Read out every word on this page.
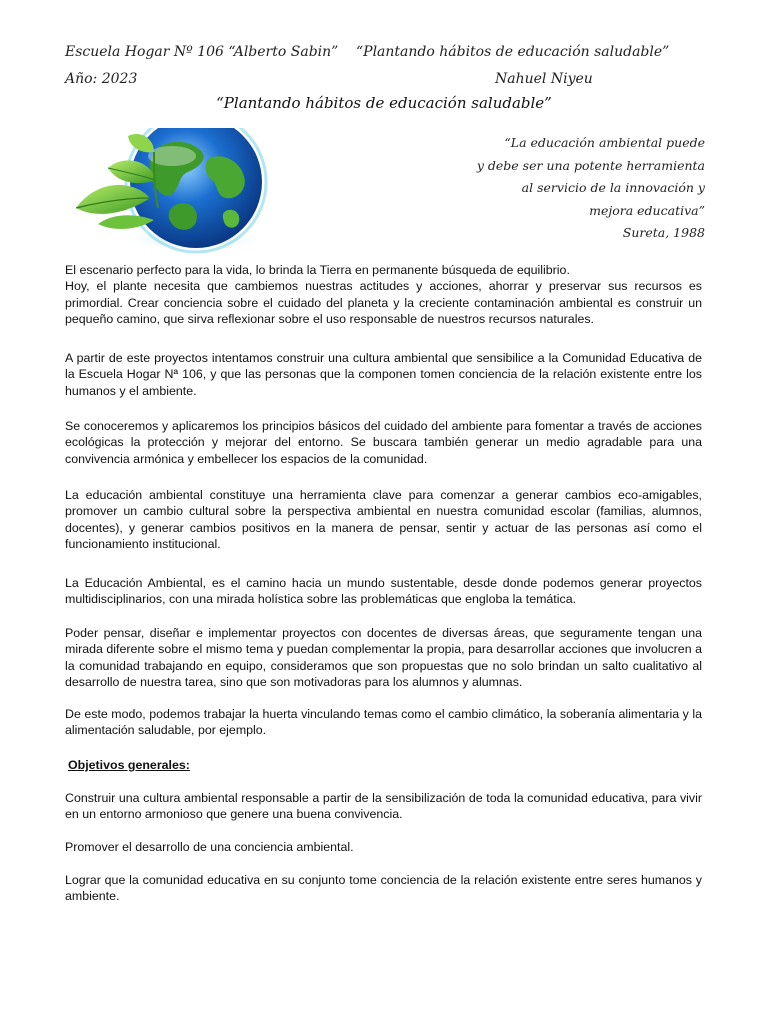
Escuela Hogar Nº 106 “Alberto Sabin” “Plantando hábitos de educación saludable”
Año: 2023	Nahuel Niyeu
“Plantando hábitos de educación saludable”
“La educación ambiental puede
y debe ser una potente herramienta
al servicio de la innovación y
mejora educativa”
Sureta, 1988

El escenario perfecto para la vida, lo brinda la Tierra en permanente búsqueda de equilibrio.

Hoy, el plante necesita que cambiemos nuestras actitudes y acciones, ahorrar y preservar sus recursos es primordial. Crear conciencia sobre el cuidado del planeta y la creciente contaminación ambiental es construir un pequeño camino, que sirva reflexionar sobre el uso responsable de nuestros recursos naturales.

A partir de este proyectos intentamos construir una cultura ambiental que sensibilice a la Comunidad Educativa de la Escuela Hogar Nª 106, y que las personas que la componen tomen conciencia de la relación existente entre los humanos y el ambiente.
Se conoceremos y aplicaremos los principios básicos del cuidado del ambiente para fomentar a través de acciones ecológicas la protección y mejorar del entorno. Se buscara también generar un medio agradable para una convivencia armónica y embellecer los espacios de la comunidad.
La educación ambiental constituye una herramienta clave para comenzar a generar cambios eco-amigables, promover un cambio cultural sobre la perspectiva ambiental en nuestra comunidad escolar (familias, alumnos, docentes), y generar cambios positivos en la manera de pensar, sentir y actuar de las personas así como el funcionamiento institucional.
La Educación Ambiental, es el camino hacia un mundo sustentable, desde donde podemos generar proyectos multidisciplinarios, con una mirada holística sobre las problemáticas que engloba la temática.
Poder pensar, diseñar e implementar proyectos con docentes de diversas áreas, que seguramente tengan una mirada diferente sobre el mismo tema y puedan complementar la propia, para desarrollar acciones que involucren a la comunidad trabajando en equipo, consideramos que son propuestas que no solo brindan un salto cualitativo al desarrollo de nuestra tarea, sino que son motivadoras para los alumnos y alumnas.
De este modo, podemos trabajar la huerta vinculando temas como el cambio climático, la soberanía alimentaria y la alimentación saludable, por ejemplo.
Objetivos generales:
Construir una cultura ambiental responsable a partir de la sensibilización de toda la comunidad educativa, para vivir en un entorno armonioso que genere una buena convivencia.
Promover el desarrollo de una conciencia ambiental.
Lograr que la comunidad educativa en su conjunto tome conciencia de la relación existente entre seres humanos y ambiente.
